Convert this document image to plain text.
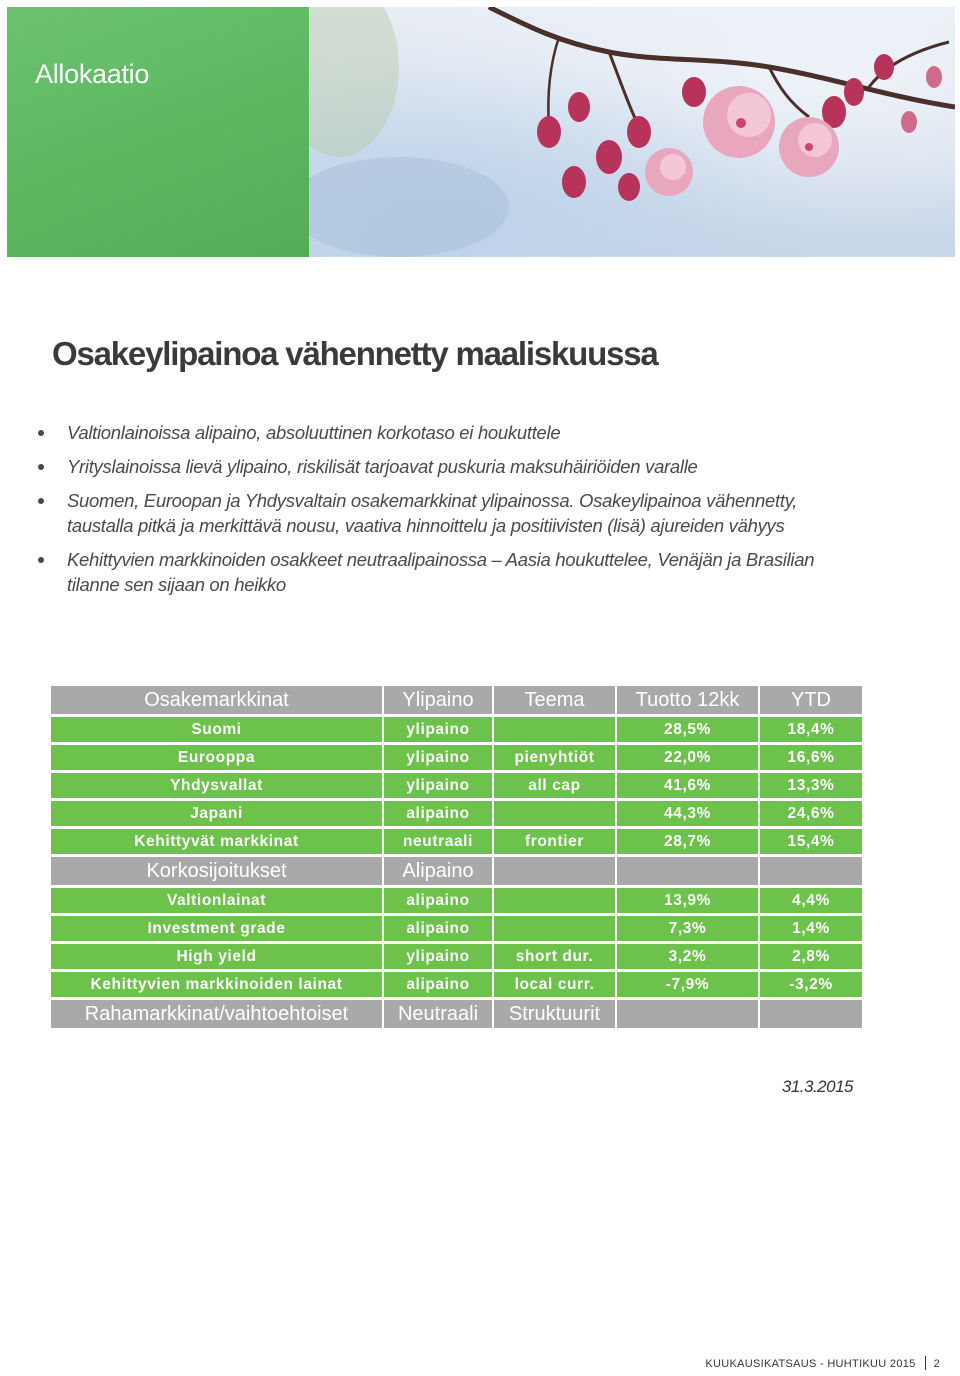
Allokaatio
Osakeylipainoa vähennetty maaliskuussa
Valtionlainoissa alipaino, absoluuttinen korkotaso ei houkuttele
Yrityslainoissa lievä ylipaino, riskilisät tarjoavat puskuria maksuhäiriöiden varalle
Suomen, Euroopan ja Yhdysvaltain osakemarkkinat ylipainossa. Osakeylipainoa vähennetty, taustalla pitkä ja merkittävä nousu, vaativa hinnoittelu ja positiivisten (lisä) ajureiden vähyys
Kehittyvien markkinoiden osakkeet neutraalipainossa – Aasia houkuttelee, Venäjän ja Brasilian tilanne sen sijaan on heikko
Osakemarkkinat	Ylipaino	Teema	Tuotto 12kk	YTD
Suomi	ylipaino		28,5%	18,4%
Eurooppa	ylipaino	pienyhtiöt	22,0%	16,6%
Yhdysvallat	ylipaino	all cap	41,6%	13,3%
Japani	alipaino		44,3%	24,6%
Kehittyvät markkinat	neutraali	frontier	28,7%	15,4%
Korkosijoitukset	Alipaino			
Valtionlainat	alipaino		13,9%	4,4%
Investment grade	alipaino		7,3%	1,4%
High yield	ylipaino	short dur.	3,2%	2,8%
Kehittyvien markkinoiden lainat	alipaino	local curr.	-7,9%	-3,2%
Rahamarkkinat/vaihtoehtoiset	Neutraali	Struktuurit		
31.3.2015
KUUKAUSIKATSAUS - HUHTIKUU 2015 2
